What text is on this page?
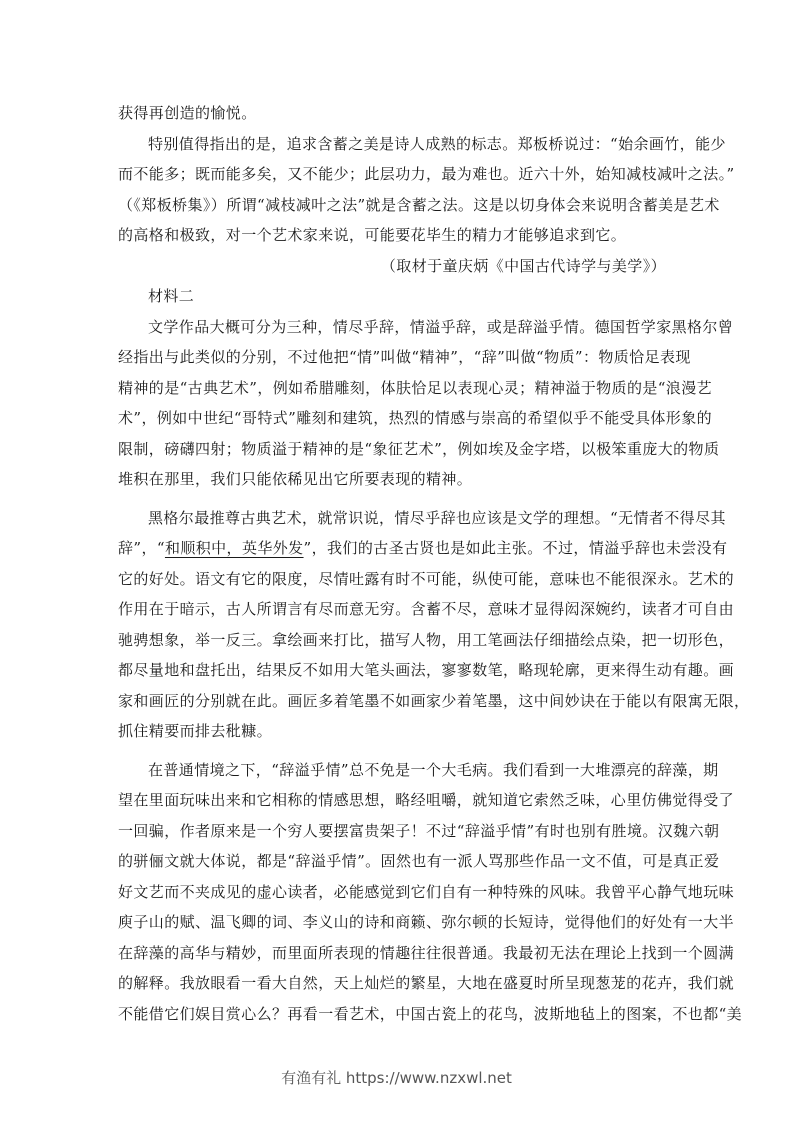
获得再创造的愉悦。
特别值得指出的是，追求含蓄之美是诗人成熟的标志。郑板桥说过：“始余画竹，能少
而不能多；既而能多矣，又不能少；此层功力，最为难也。近六十外，始知减枝减叶之法。”
（《郑板桥集》）所谓“减枝减叶之法”就是含蓄之法。这是以切身体会来说明含蓄美是艺术
的高格和极致，对一个艺术家来说，可能要花毕生的精力才能够追求到它。
（取材于童庆炳《中国古代诗学与美学》）
材料二
文学作品大概可分为三种，情尽乎辞，情溢乎辞，或是辞溢乎情。德国哲学家黑格尔曾
经指出与此类似的分别，不过他把“情”叫做“精神”，“辞”叫做“物质”：物质恰足表现
精神的是“古典艺术”，例如希腊雕刻，体肤恰足以表现心灵；精神溢于物质的是“浪漫艺
术”，例如中世纪“哥特式”雕刻和建筑，热烈的情感与崇高的希望似乎不能受具体形象的
限制，磅礴四射；物质溢于精神的是“象征艺术”，例如埃及金字塔，以极笨重庞大的物质
堆积在那里，我们只能依稀见出它所要表现的精神。
黑格尔最推尊古典艺术，就常识说，情尽乎辞也应该是文学的理想。“无情者不得尽其
辞”，“和顺积中，英华外发”，我们的古圣古贤也是如此主张。不过，情溢乎辞也未尝没有
它的好处。语文有它的限度，尽情吐露有时不可能，纵使可能，意味也不能很深永。艺术的
作用在于暗示，古人所谓言有尽而意无穷。含蓄不尽，意味才显得闳深婉约，读者才可自由
驰骋想象，举一反三。拿绘画来打比，描写人物，用工笔画法仔细描绘点染，把一切形色，
都尽量地和盘托出，结果反不如用大笔头画法，寥寥数笔，略现轮廓，更来得生动有趣。画
家和画匠的分别就在此。画匠多着笔墨不如画家少着笔墨，这中间妙诀在于能以有限寓无限，
抓住精要而排去秕糠。
在普通情境之下，“辞溢乎情”总不免是一个大毛病。我们看到一大堆漂亮的辞藻，期
望在里面玩味出来和它相称的情感思想，略经咀嚼，就知道它索然乏味，心里仿佛觉得受了
一回骗，作者原来是一个穷人要摆富贵架子！不过“辞溢乎情”有时也别有胜境。汉魏六朝
的骈俪文就大体说，都是“辞溢乎情”。固然也有一派人骂那些作品一文不值，可是真正爱
好文艺而不夹成见的虚心读者，必能感觉到它们自有一种特殊的风味。我曾平心静气地玩味
庾子山的赋、温飞卿的词、李义山的诗和商籁、弥尔顿的长短诗，觉得他们的好处有一大半
在辞藻的高华与精妙，而里面所表现的情趣往往很普通。我最初无法在理论上找到一个圆满
的解释。我放眼看一看大自然，天上灿烂的繁星，大地在盛夏时所呈现葱茏的花卉，我们就
不能借它们娱目赏心么？再看一看艺术，中国古瓷上的花鸟，波斯地毡上的图案，不也都“美
有渔有礼 https://www.nzxwl.net
